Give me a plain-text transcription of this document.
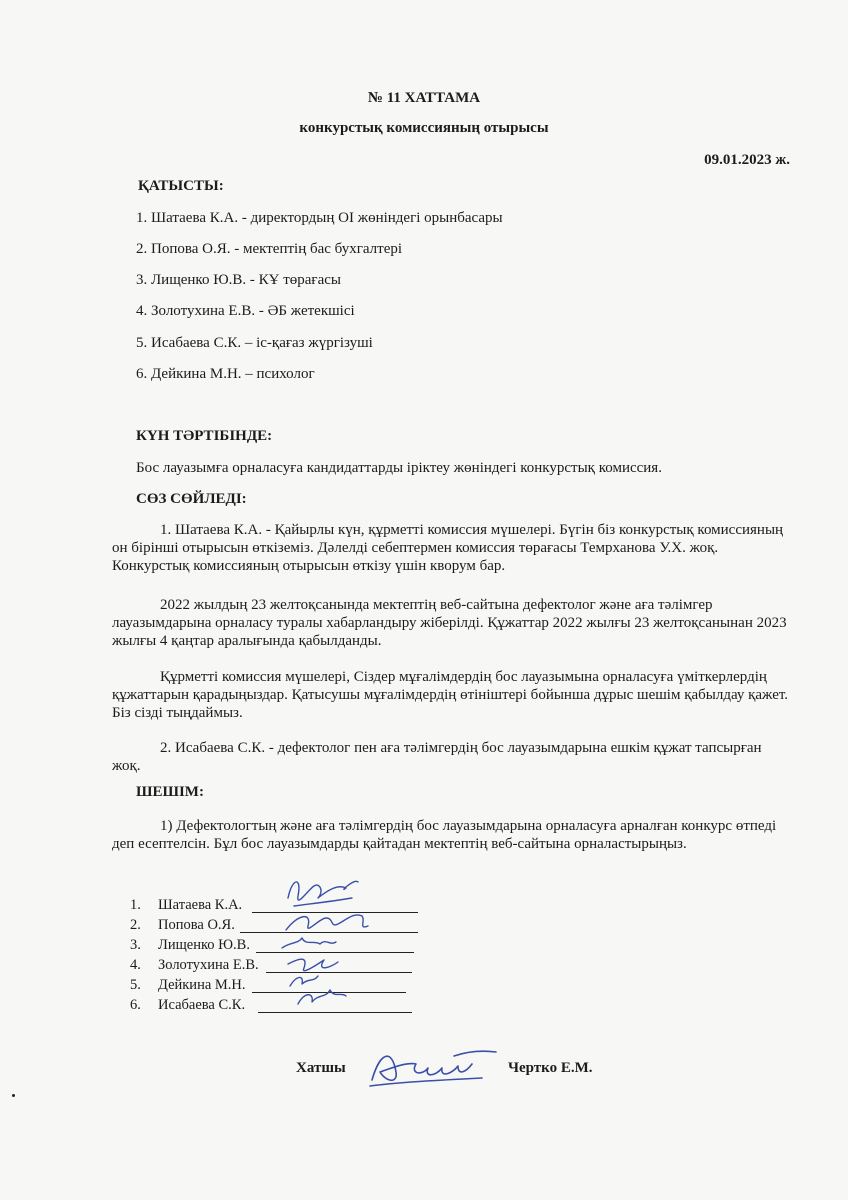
№ 11 ХАТТАМА
конкурстық комиссияның отырысы
09.01.2023 ж.
ҚАТЫСТЫ:
1. Шатаева К.А. - директордың ОІ жөніндегі орынбасары
2. Попова О.Я. - мектептің бас бухгалтері
3. Лищенко Ю.В. - КҰ төрағасы
4. Золотухина Е.В. - ӘБ жетекшісі
5. Исабаева С.К. – іс-қағаз жүргізуші
6. Дейкина М.Н. – психолог
КҮН ТӘРТІБІНДЕ:
Бос лауазымға орналасуға кандидаттарды іріктеу жөніндегі конкурстық комиссия.
СӨЗ СӨЙЛЕДІ:
1. Шатаева К.А. - Қайырлы күн, құрметті комиссия мүшелері. Бүгін біз конкурстық комиссияның он бірінші отырысын өткіземіз. Дәлелді себептермен комиссия төрағасы Темрханова У.Х. жоқ. Конкурстық комиссияның отырысын өткізу үшін кворум бар.
2022 жылдың 23 желтоқсанында мектептің веб-сайтына дефектолог және аға тәлімгер лауазымдарына орналасу туралы хабарландыру жіберілді. Құжаттар 2022 жылғы 23 желтоқсанынан 2023 жылғы 4 қаңтар аралығында қабылданды.
Құрметті комиссия мүшелері, Сіздер мұғалімдердің бос лауазымына орналасуға үміткерлердің құжаттарын қарадыңыздар. Қатысушы мұғалімдердің өтініштері бойынша дұрыс шешім қабылдау қажет. Біз сізді тыңдаймыз.
2. Исабаева С.К. - дефектолог пен аға тәлімгердің бос лауазымдарына ешкім құжат тапсырған жоқ.
ШЕШІМ:
1) Дефектологтың және аға тәлімгердің бос лауазымдарына орналасуға арналған конкурс өтпеді деп есептелсін. Бұл бос лауазымдарды қайтадан мектептің веб-сайтына орналастырыңыз.
1. Шатаева К.А.
2. Попова О.Я.
3. Лищенко Ю.В.
4. Золотухина Е.В.
5. Дейкина М.Н.
6. Исабаева С.К.
Хатшы	Чертко Е.М.
